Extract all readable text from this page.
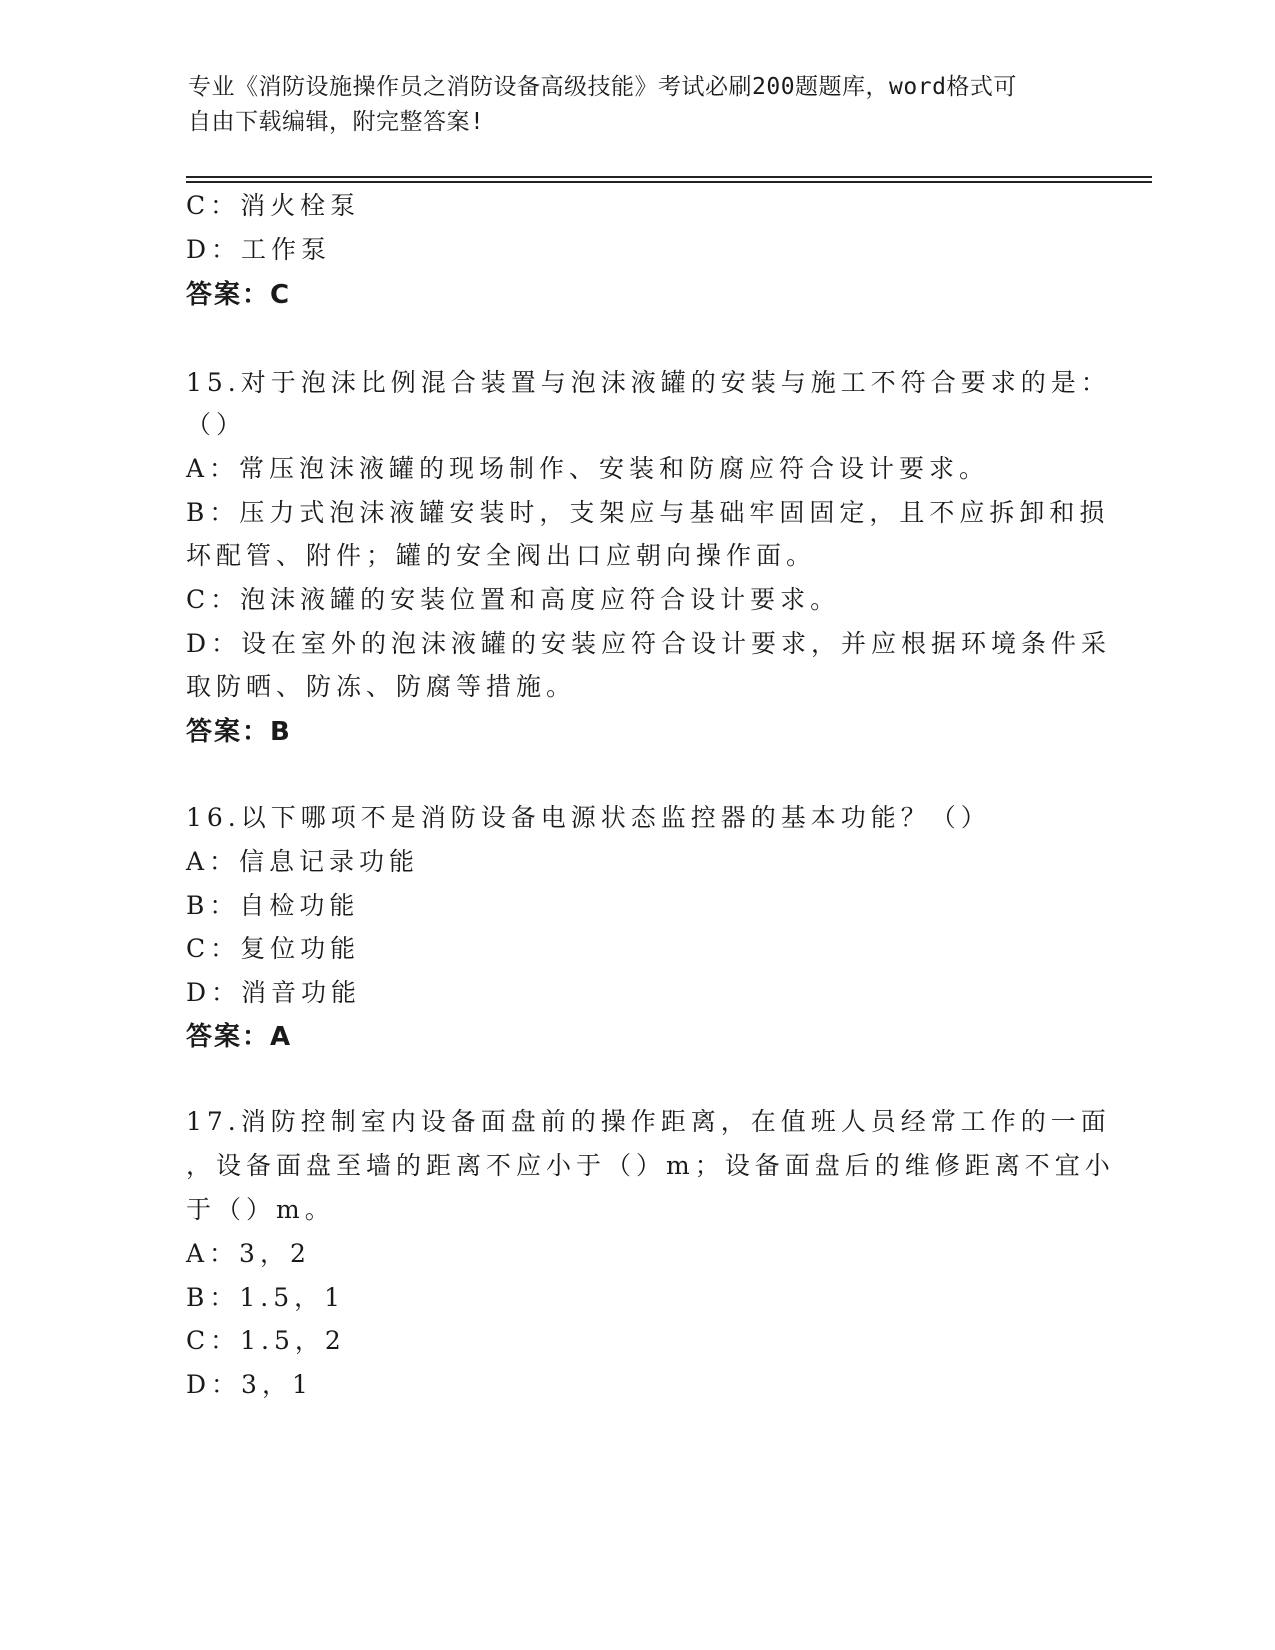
专业《消防设施操作员之消防设备高级技能》考试必刷200题题库，word格式可
自由下载编辑，附完整答案!
C：消火栓泵
D：工作泵
答案：C
15.对于泡沫比例混合装置与泡沫液罐的安装与施工不符合要求的是：
（）
A：常压泡沫液罐的现场制作、安装和防腐应符合设计要求。
B：压力式泡沫液罐安装时，支架应与基础牢固固定，且不应拆卸和损
坏配管、附件；罐的安全阀出口应朝向操作面。
C：泡沫液罐的安装位置和高度应符合设计要求。
D：设在室外的泡沫液罐的安装应符合设计要求，并应根据环境条件采
取防晒、防冻、防腐等措施。
答案：B
16.以下哪项不是消防设备电源状态监控器的基本功能？（）
A：信息记录功能
B：自检功能
C：复位功能
D：消音功能
答案：A
17.消防控制室内设备面盘前的操作距离，在值班人员经常工作的一面
，设备面盘至墙的距离不应小于（）m；设备面盘后的维修距离不宜小
于（）m。
A：3，2
B：1.5，1
C：1.5，2
D：3，1
